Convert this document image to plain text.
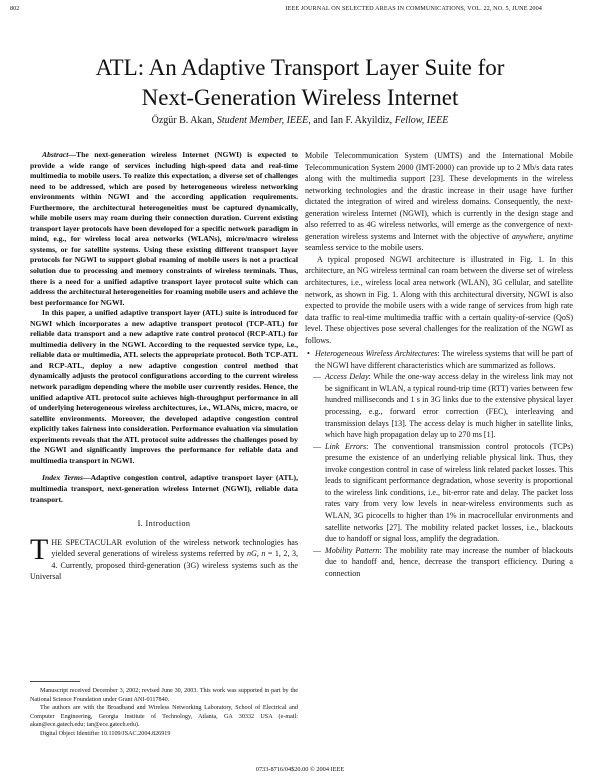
802	IEEE JOURNAL ON SELECTED AREAS IN COMMUNICATIONS, VOL. 22, NO. 5, JUNE 2004
ATL: An Adaptive Transport Layer Suite for
Next-Generation Wireless Internet
Özgür B. Akan, Student Member, IEEE, and Ian F. Akyildiz, Fellow, IEEE

Abstract—The next-generation wireless Internet (NGWI) is expected to provide a wide range of services including high-speed data and real-time multimedia to mobile users. To realize this expectation, a diverse set of challenges need to be addressed, which are posed by heterogeneous wireless networking environments within NGWI and the according application requirements. Furthermore, the architectural heterogeneities must be captured dynamically, while mobile users may roam during their connection duration. Current existing transport layer protocols have been developed for a specific network paradigm in mind, e.g., for wireless local area networks (WLANs), micro/macro wireless systems, or for satellite systems. Using these existing different transport layer protocols for NGWI to support global roaming of mobile users is not a practical solution due to processing and memory constraints of wireless terminals. Thus, there is a need for a unified adaptive transport layer protocol suite which can address the architectural heterogeneities for roaming mobile users and achieve the best performance for NGWI.

In this paper, a unified adaptive transport layer (ATL) suite is introduced for NGWI which incorporates a new adaptive transport protocol (TCP-ATL) for reliable data transport and a new adaptive rate control protocol (RCP-ATL) for multimedia delivery in the NGWI. According to the requested service type, i.e., reliable data or multimedia, ATL selects the appropriate protocol. Both TCP-ATL and RCP-ATL, deploy a new adaptive congestion control method that dynamically adjusts the protocol configurations according to the current wireless network paradigm depending where the mobile user currently resides. Hence, the unified adaptive ATL protocol suite achieves high-throughput performance in all of underlying heterogeneous wireless architectures, i.e., WLANs, micro, macro, or satellite environments. Moreover, the developed adaptive congestion control explicitly takes fairness into consideration. Performance evaluation via simulation experiments reveals that the ATL protocol suite addresses the challenges posed by the NGWI and significantly improves the performance for reliable data and multimedia transport in NGWI.

Index Terms—Adaptive congestion control, adaptive transport layer (ATL), multimedia transport, next-generation wireless Internet (NGWI), reliable data transport.

I. Introduction

THE SPECTACULAR evolution of the wireless network technologies has yielded several generations of wireless systems referred by nG, n = 1, 2, 3, 4. Currently, proposed third-generation (3G) wireless systems such as the Universal

Manuscript received December 3, 2002; revised June 30, 2003. This work was supported in part by the National Science Foundation under Grant ANI-0117840.

The authors are with the Broadband and Wireless Networking Laboratory, School of Electrical and Computer Engineering, Georgia Institute of Technology, Atlanta, GA 30332 USA (e-mail: akan@ece.gatech.edu; ian@ece.gatech.edu).

Digital Object Identifier 10.1109/JSAC.2004.826919

Mobile Telecommunication System (UMTS) and the International Mobile Telecommunication System 2000 (IMT-2000) can provide up to 2 Mb/s data rates along with the multimedia support [23]. These developments in the wireless networking technologies and the drastic increase in their usage have further dictated the integration of wired and wireless domains. Consequently, the next-generation wireless Internet (NGWI), which is currently in the design stage and also referred to as 4G wireless networks, will emerge as the convergence of next-generation wireless systems and Internet with the objective of anywhere, anytime seamless service to the mobile users.

A typical proposed NGWI architecture is illustrated in Fig. 1. In this architecture, an NG wireless terminal can roam between the diverse set of wireless architectures, i.e., wireless local area network (WLAN), 3G cellular, and satellite network, as shown in Fig. 1. Along with this architectural diversity, NGWI is also expected to provide the mobile users with a wide range of services from high rate data traffic to real-time multimedia traffic with a certain quality-of-service (QoS) level. These objectives pose several challenges for the realization of the NGWI as follows.

• Heterogeneous Wireless Architectures: The wireless systems that will be part of the NGWI have different characteristics which are summarized as follows.
— Access Delay: While the one-way access delay in the wireless link may not be significant in WLAN, a typical round-trip time (RTT) varies between few hundred milliseconds and 1 s in 3G links due to the extensive physical layer processing, e.g., forward error correction (FEC), interleaving and transmission delays [13]. The access delay is much higher in satellite links, which have high propagation delay up to 270 ms [1].
— Link Errors: The conventional transmission control protocols (TCPs) presume the existence of an underlying reliable physical link. Thus, they invoke congestion control in case of wireless link related packet losses. This leads to significant performance degradation, whose severity is proportional to the wireless link conditions, i.e., bit-error rate and delay. The packet loss rates vary from very low levels in near-wireless environments such as WLAN, 3G picocells to higher than 1% in macrocellular environments and satellite networks [27]. The mobility related packet losses, i.e., blackouts due to handoff or signal loss, amplify the degradation.
— Mobility Pattern: The mobility rate may increase the number of blackouts due to handoff and, hence, decrease the transport efficiency. During a connection
0733-8716/04$20.00 © 2004 IEEE
